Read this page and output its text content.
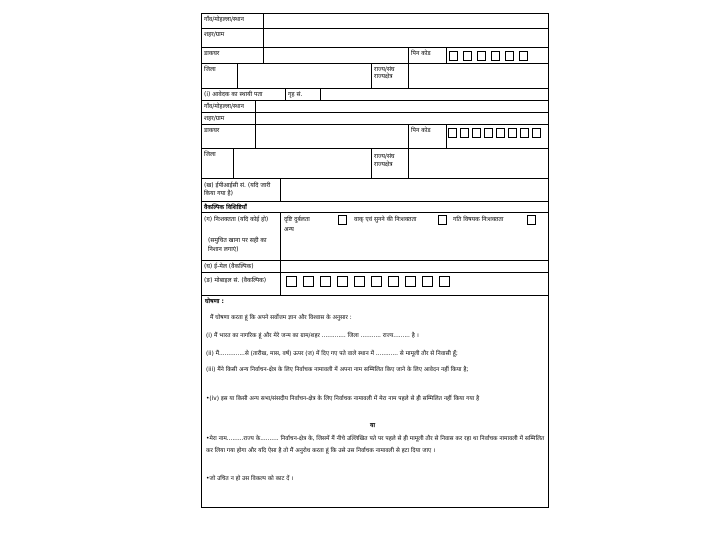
गाँव/मोहल्ला/स्थान
शहर/ग्राम
डाकघर	पिन कोड
जिला	राज्य/संघ राज्यक्षेत्र
(i) आवेदक का स्थायी पता	गृह सं.
गाँव/मोहल्ला/स्थान
शहर/ग्राम
डाकघर	पिन कोड
जिला	राज्य/संघ राज्यक्षेत्र
(ख) ईपीआईसी सं. (यदि जारी किया गया है)
वैकल्पिक विशिष्टियाँ
(ग) निःशक्तता (यदि कोई हो)
(समुचित खाना पर सही का निशान लगाएं)
दृष्टि दुर्बलता	वाक् एवं सुनने की निःशक्तता	गति विषयक निःशक्तता
अन्य
(घ) ई-मेल (वैकल्पिक)
(ङ) मोबाइल सं. (वैकल्पिक)
घोषणा :
मैं घोषणा करता हूं कि अपने सर्वोत्तम ज्ञान और विश्वास के अनुसार :
(i) मैं भारत का नागरिक हूं और मेरे जन्म का ग्राम/शहर ............. जिला ........... राज्य......... है ।
(ii) मैं..............से (तारीख, मास, वर्ष) ऊपर (ज) में दिए गए पते वाले स्थान में ............ से मामूली तौर से निवासी हूँ;
(iii) मैंने किसी अन्य निर्वाचन-क्षेत्र के लिए निर्वाचक नामावली में अपना नाम सम्मिलित किए जाने के लिए आवेदन नहीं किया है;
•(iv) इस या किसी अन्य सभा/संसदीय निर्वाचन-क्षेत्र के लिए निर्वाचक नामावली में मेरा नाम पहले से ही सम्मिलित नहीं किया गया है
या
•मेरा नाम.........राज्य के.......... निर्वाचन-क्षेत्र के, जिसमें मैं नीचे उल्लिखित पते पर पहले से ही मामूली तौर से निवास कर रहा था निर्वाचक नामावली में सम्मिलित कर लिया गया होगा और यदि ऐसा है तो मैं अनुरोध करता हूं कि उसे उस निर्वाचक नामावली से हटा दिया जाए ।
•जो उचित न हो उस विकल्प को काट दें ।
